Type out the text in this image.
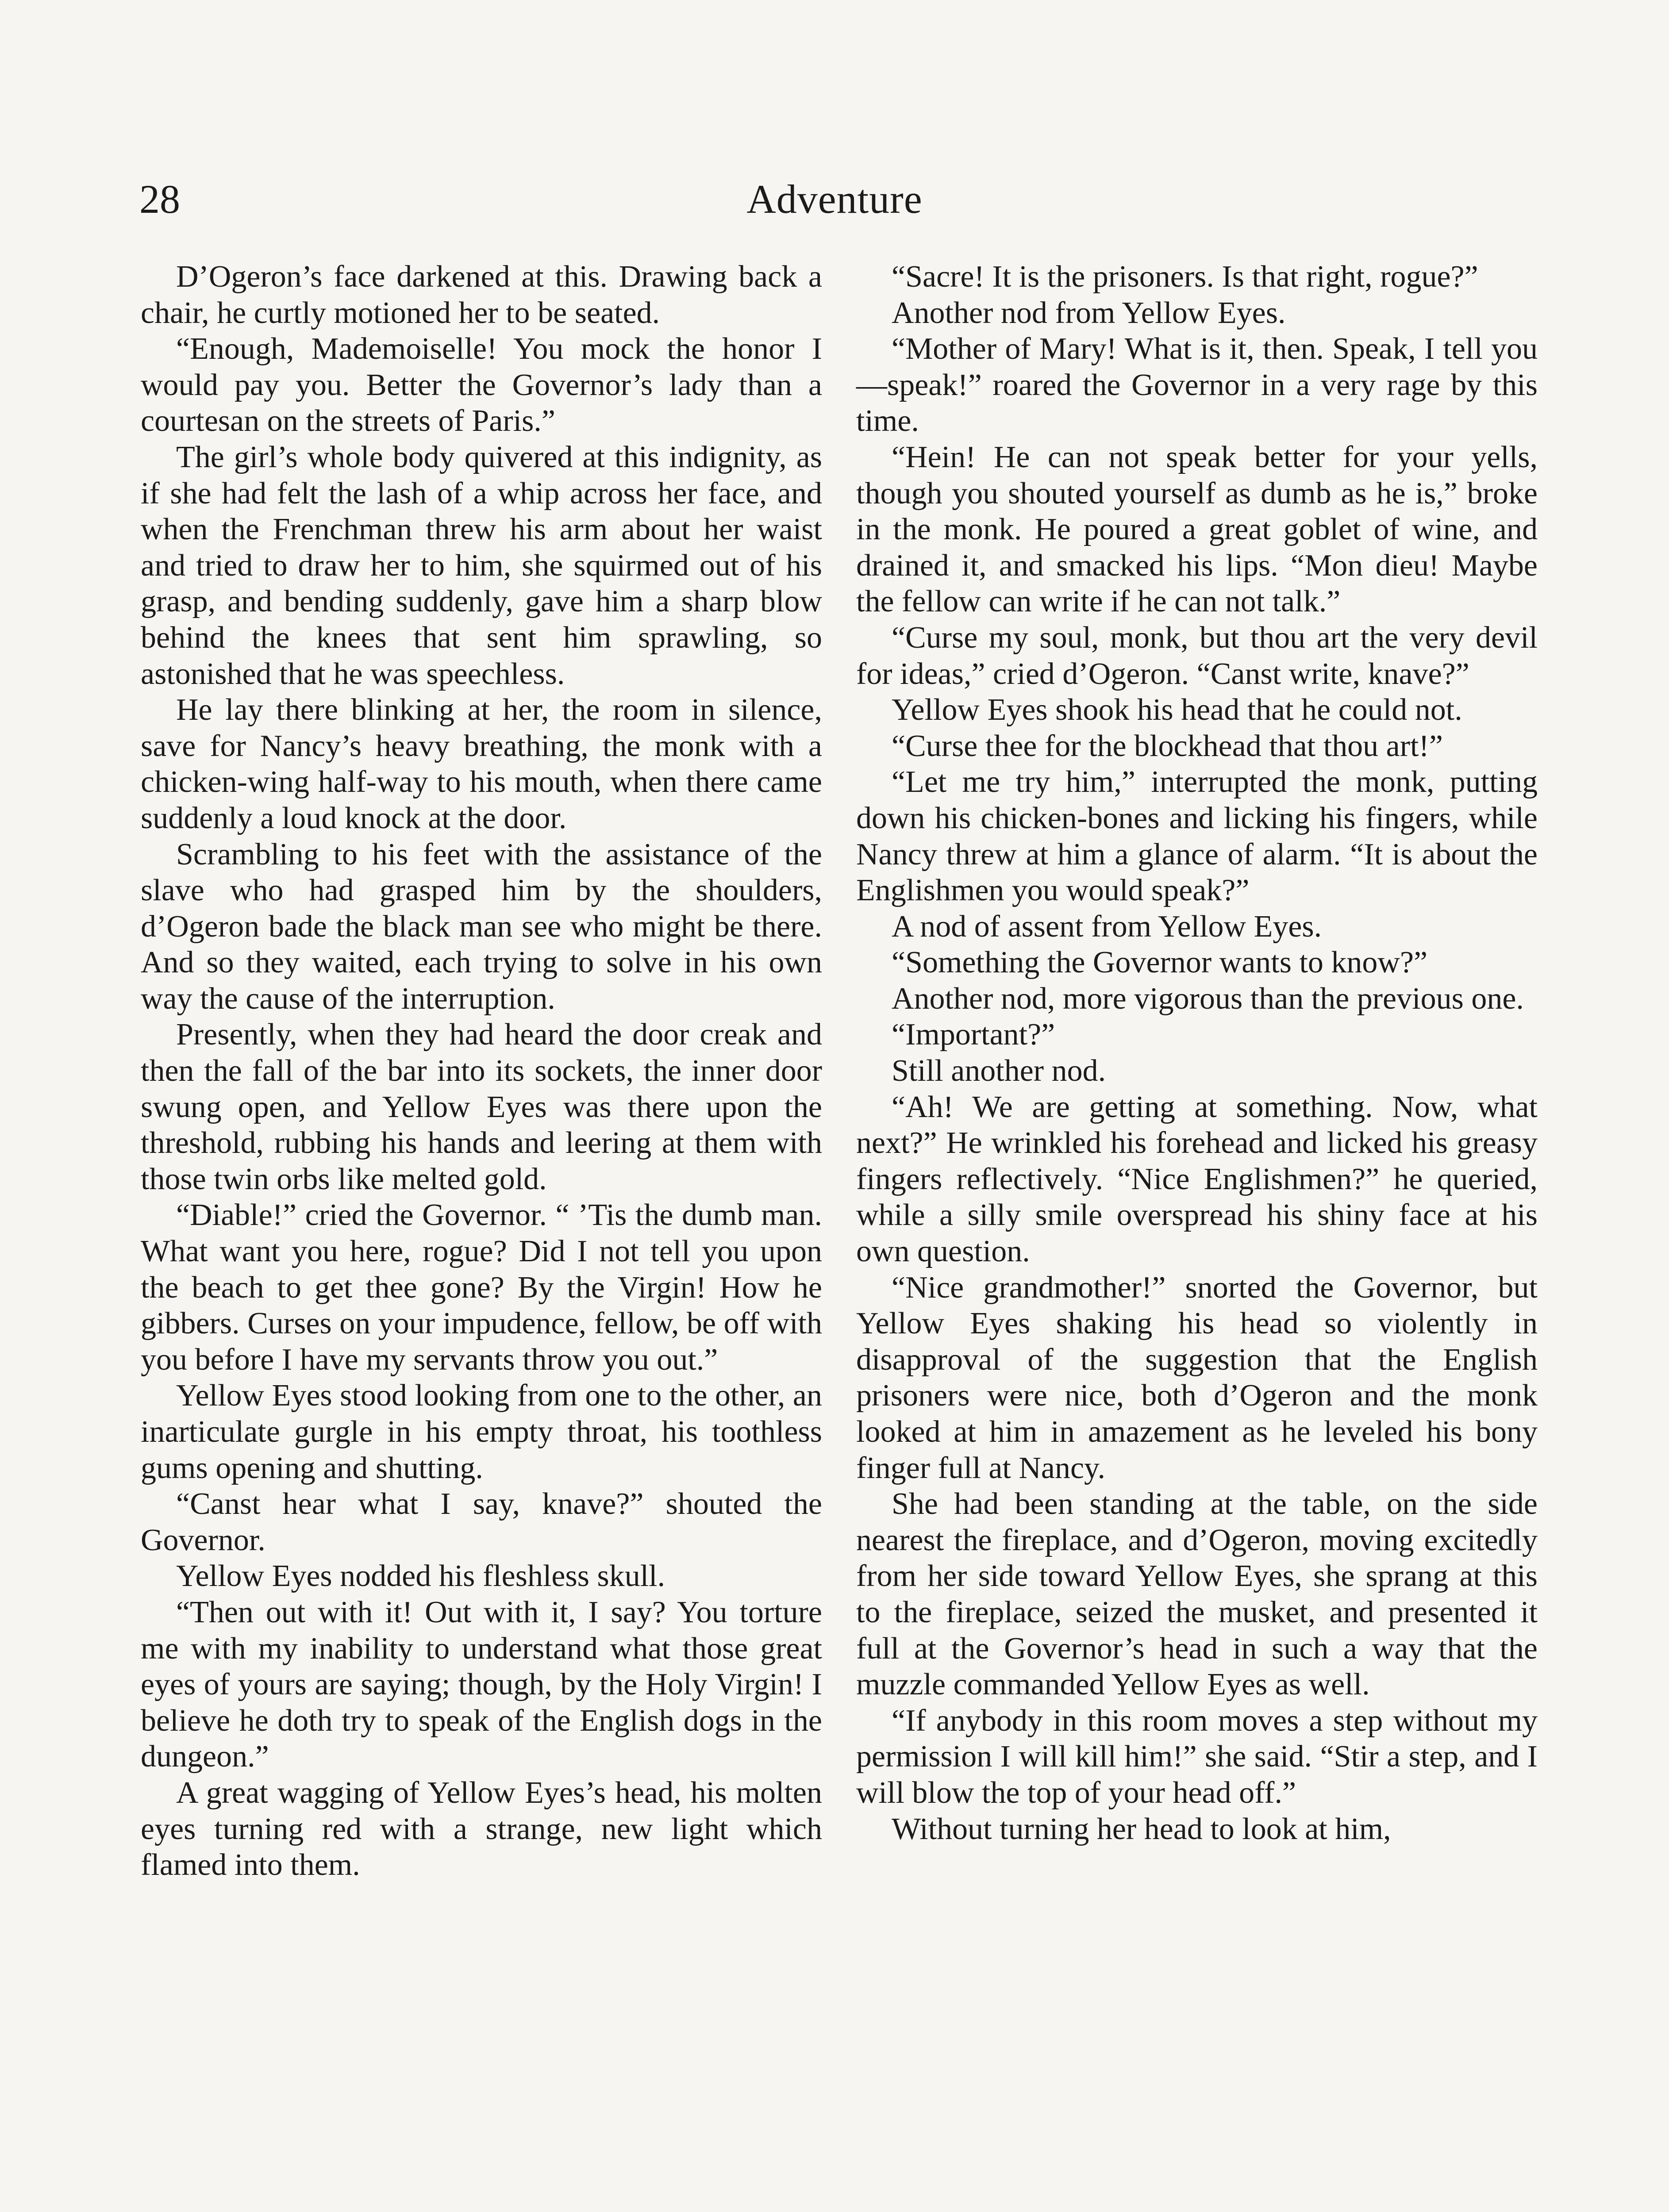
28	Adventure

D’Ogeron’s face darkened at this. Drawing back a chair, he curtly motioned her to be seated.

“Enough, Mademoiselle! You mock the honor I would pay you. Better the Governor’s lady than a courtesan on the streets of Paris.”

The girl’s whole body quivered at this indignity, as if she had felt the lash of a whip across her face, and when the Frenchman threw his arm about her waist and tried to draw her to him, she squirmed out of his grasp, and bending suddenly, gave him a sharp blow behind the knees that sent him sprawling, so astonished that he was speechless.

He lay there blinking at her, the room in silence, save for Nancy’s heavy breathing, the monk with a chicken-wing half-way to his mouth, when there came suddenly a loud knock at the door.

Scrambling to his feet with the assistance of the slave who had grasped him by the shoulders, d’Ogeron bade the black man see who might be there. And so they waited, each trying to solve in his own way the cause of the interruption.

Presently, when they had heard the door creak and then the fall of the bar into its sockets, the inner door swung open, and Yellow Eyes was there upon the threshold, rubbing his hands and leering at them with those twin orbs like melted gold.

“Diable!” cried the Governor. “ ’Tis the dumb man. What want you here, rogue? Did I not tell you upon the beach to get thee gone? By the Virgin! How he gibbers. Curses on your impudence, fellow, be off with you before I have my servants throw you out.”

Yellow Eyes stood looking from one to the other, an inarticulate gurgle in his empty throat, his toothless gums opening and shutting.

“Canst hear what I say, knave?” shouted the Governor.

Yellow Eyes nodded his fleshless skull.

“Then out with it! Out with it, I say? You torture me with my inability to understand what those great eyes of yours are saying; though, by the Holy Virgin! I believe he doth try to speak of the English dogs in the dungeon.”

A great wagging of Yellow Eyes’s head, his molten eyes turning red with a strange, new light which flamed into them.

“Sacre! It is the prisoners. Is that right, rogue?”

Another nod from Yellow Eyes.

“Mother of Mary! What is it, then. Speak, I tell you—speak!” roared the Governor in a very rage by this time.

“Hein! He can not speak better for your yells, though you shouted yourself as dumb as he is,” broke in the monk. He poured a great goblet of wine, and drained it, and smacked his lips. “Mon dieu! Maybe the fellow can write if he can not talk.”

“Curse my soul, monk, but thou art the very devil for ideas,” cried d’Ogeron. “Canst write, knave?”

Yellow Eyes shook his head that he could not.

“Curse thee for the blockhead that thou art!”

“Let me try him,” interrupted the monk, putting down his chicken-bones and licking his fingers, while Nancy threw at him a glance of alarm. “It is about the Englishmen you would speak?”

A nod of assent from Yellow Eyes.

“Something the Governor wants to know?”

Another nod, more vigorous than the previous one.

“Important?”

Still another nod.

“Ah! We are getting at something. Now, what next?” He wrinkled his forehead and licked his greasy fingers reflectively. “Nice Englishmen?” he queried, while a silly smile overspread his shiny face at his own question.

“Nice grandmother!” snorted the Governor, but Yellow Eyes shaking his head so violently in disapproval of the suggestion that the English prisoners were nice, both d’Ogeron and the monk looked at him in amazement as he leveled his bony finger full at Nancy.

She had been standing at the table, on the side nearest the fireplace, and d’Ogeron, moving excitedly from her side toward Yellow Eyes, she sprang at this to the fireplace, seized the musket, and presented it full at the Governor’s head in such a way that the muzzle commanded Yellow Eyes as well.

“If anybody in this room moves a step without my permission I will kill him!” she said. “Stir a step, and I will blow the top of your head off.”

Without turning her head to look at him,
